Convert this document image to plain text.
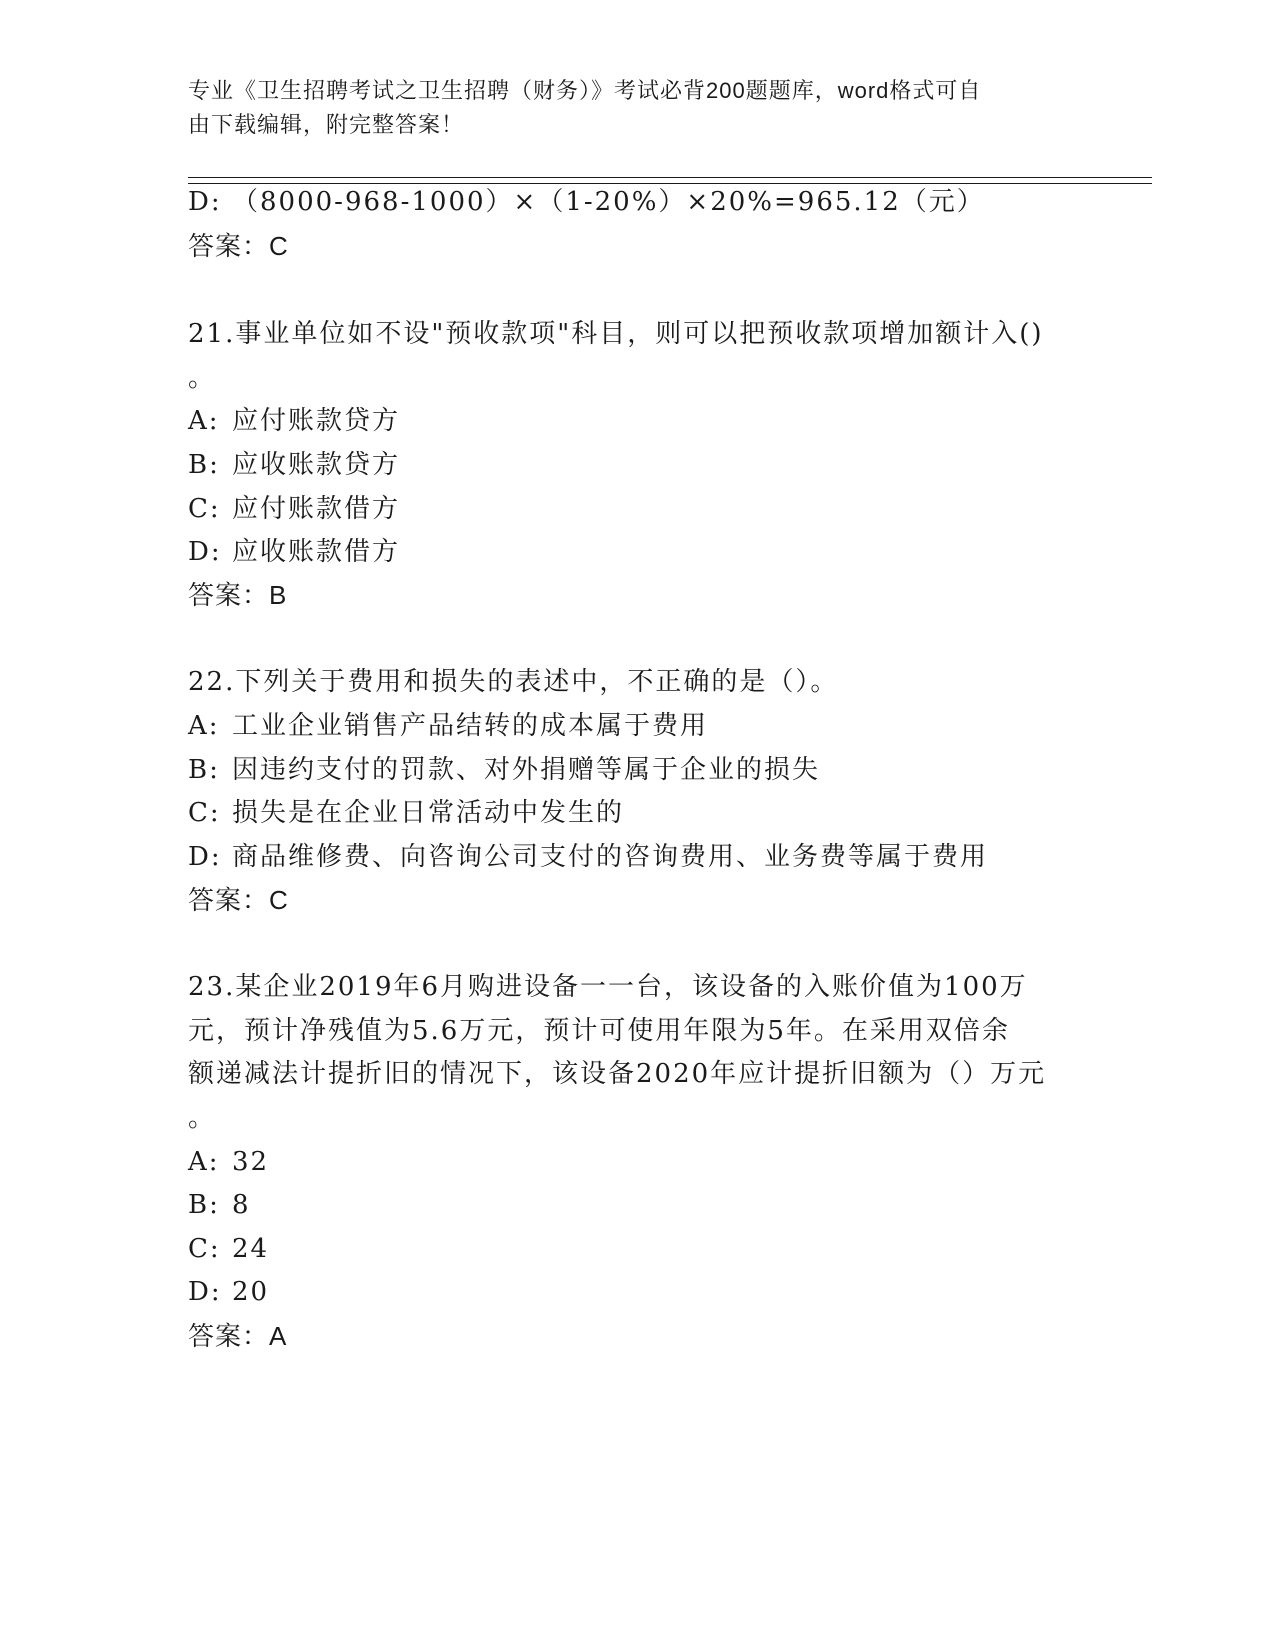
专业《卫生招聘考试之卫生招聘（财务）》考试必背200题题库，word格式可自
由下载编辑，附完整答案！
D: （8000-968-1000）×（1-20%）×20%=965.12（元）
答案：C
21.事业单位如不设"预收款项"科目，则可以把预收款项增加额计入()
。
A: 应付账款贷方
B: 应收账款贷方
C: 应付账款借方
D: 应收账款借方
答案：B
22.下列关于费用和损失的表述中，不正确的是（）。
A: 工业企业销售产品结转的成本属于费用
B: 因违约支付的罚款、对外捐赠等属于企业的损失
C: 损失是在企业日常活动中发生的
D: 商品维修费、向咨询公司支付的咨询费用、业务费等属于费用
答案：C
23.某企业2019年6月购进设备一一台，该设备的入账价值为100万
元，预计净残值为5.6万元，预计可使用年限为5年。在采用双倍余
额递减法计提折旧的情况下，该设备2020年应计提折旧额为（）万元
。
A: 32
B: 8
C: 24
D: 20
答案：A
